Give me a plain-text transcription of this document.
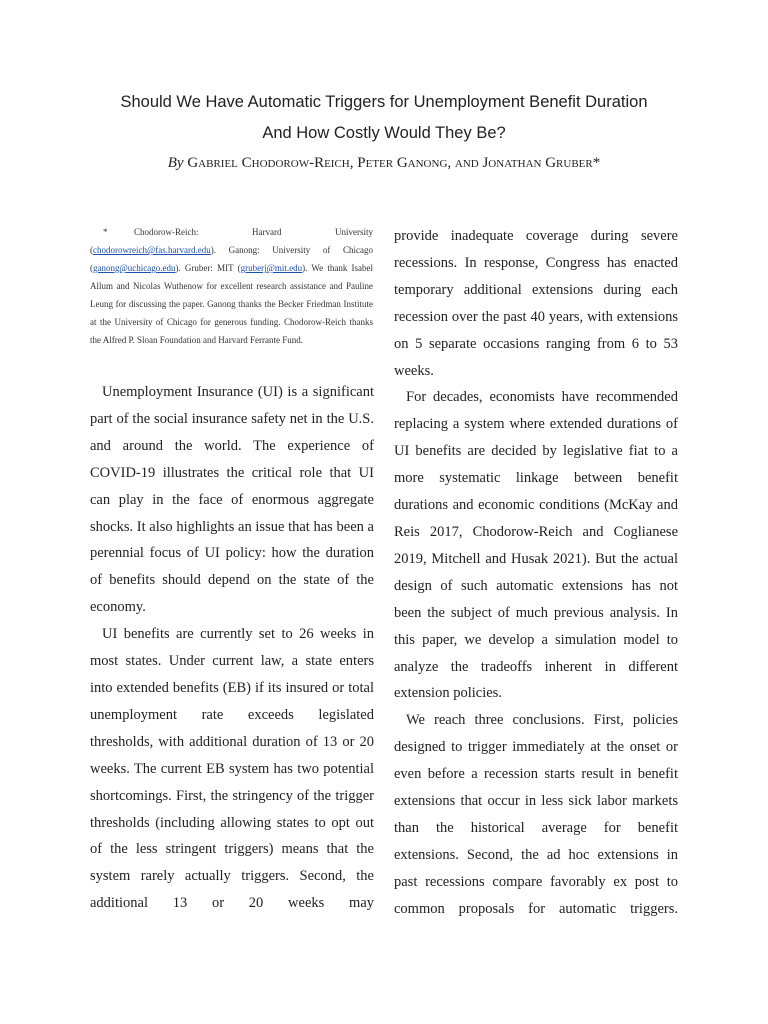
Should We Have Automatic Triggers for Unemployment Benefit Duration
And How Costly Would They Be?
By Gabriel Chodorow-Reich, Peter Ganong, and Jonathan Gruber*
*	Chodorow-Reich: Harvard University (chodorowreich@fas.harvard.edu). Ganong: University of Chicago (ganong@uchicago.edu). Gruber: MIT (gruberj@mit.edu). We thank Isabel Allum and Nicolas Wuthenow for excellent research assistance and Pauline Leung for discussing the paper. Ganong thanks the Becker Friedman Institute at the University of Chicago for generous funding. Chodorow-Reich thanks the Alfred P. Sloan Foundation and Harvard Ferrante Fund.

Unemployment Insurance (UI) is a significant part of the social insurance safety net in the U.S. and around the world. The experience of COVID-19 illustrates the critical role that UI can play in the face of enormous aggregate shocks. It also highlights an issue that has been a perennial focus of UI policy: how the duration of benefits should depend on the state of the economy.

UI benefits are currently set to 26 weeks in most states. Under current law, a state enters into extended benefits (EB) if its insured or total unemployment rate exceeds legislated thresholds, with additional duration of 13 or 20 weeks. The current EB system has two potential shortcomings. First, the stringency of the trigger thresholds (including allowing states to opt out of the less stringent triggers) means that the system rarely actually triggers. Second, the additional 13 or 20 weeks may

provide inadequate coverage during severe recessions. In response, Congress has enacted temporary additional extensions during each recession over the past 40 years, with extensions on 5 separate occasions ranging from 6 to 53 weeks.

For decades, economists have recommended replacing a system where extended durations of UI benefits are decided by legislative fiat to a more systematic linkage between benefit durations and economic conditions (McKay and Reis 2017, Chodorow-Reich and Coglianese 2019, Mitchell and Husak 2021). But the actual design of such automatic extensions has not been the subject of much previous analysis. In this paper, we develop a simulation model to analyze the tradeoffs inherent in different extension policies.

We reach three conclusions. First, policies designed to trigger immediately at the onset or even before a recession starts result in benefit extensions that occur in less sick labor markets than the historical average for benefit extensions. Second, the ad hoc extensions in past recessions compare favorably ex post to common proposals for automatic triggers.
